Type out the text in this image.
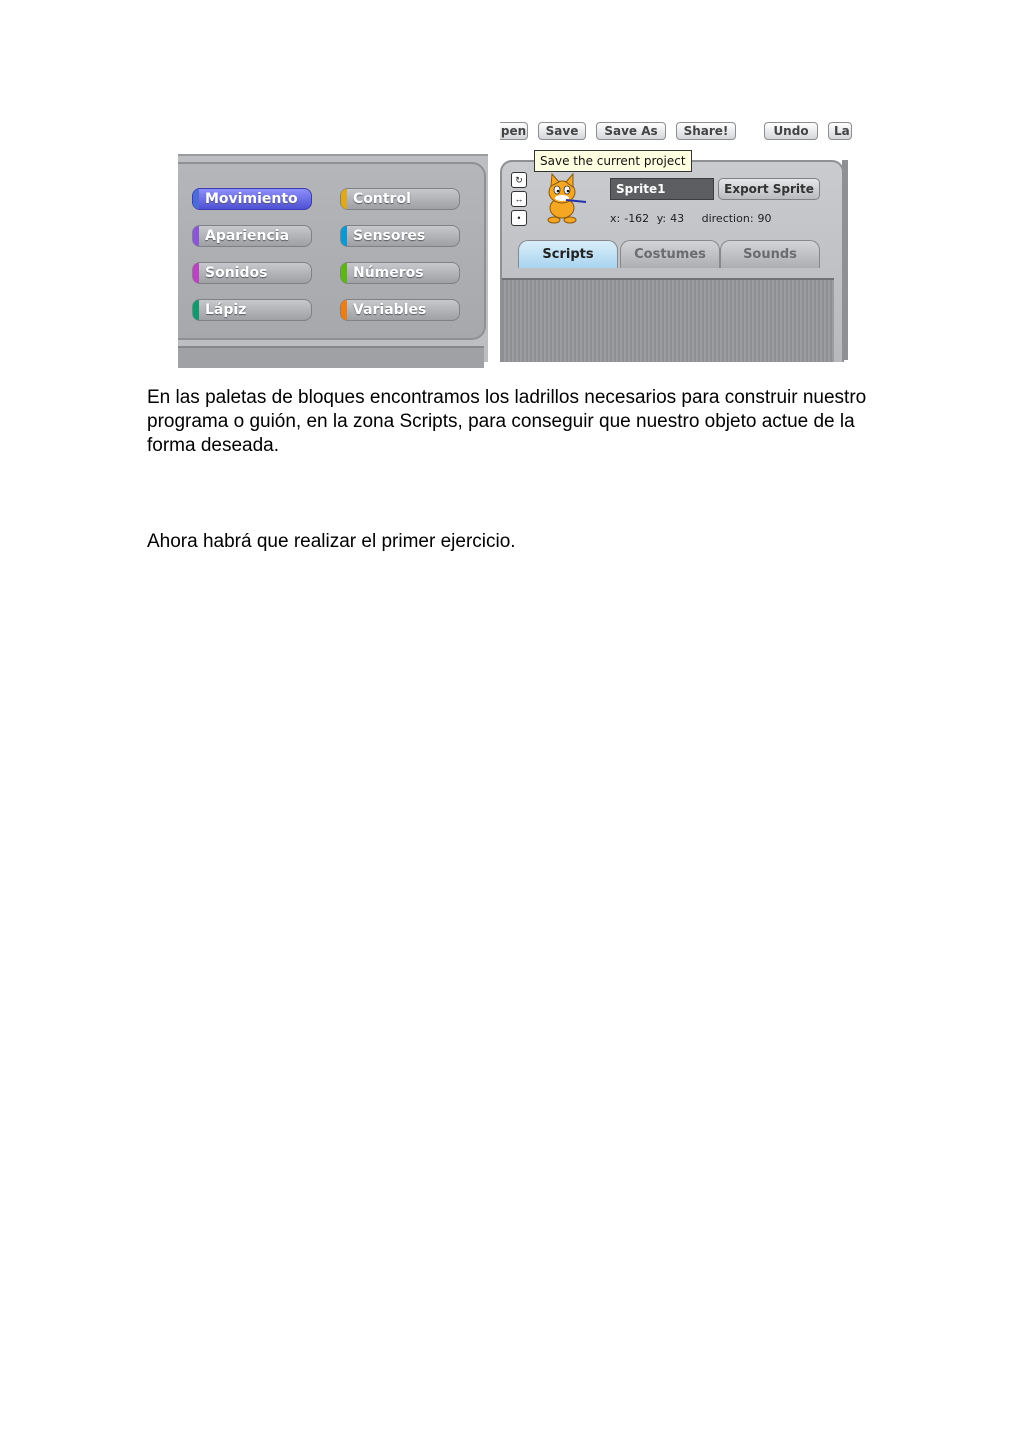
Movimiento	Control
Apariencia	Sensores
Sonidos	Números
Lápiz	Variables
pen	Save	Save As	Share!	Undo	La
↻
↔
•
Sprite1	Export Sprite
x: -162 y: 43 direction: 90
Scripts	Costumes	Sounds
Save the current project

En las paletas de bloques encontramos los ladrillos necesarios para construir nuestro programa o guión, en la zona Scripts, para conseguir que nuestro objeto actue de la forma deseada.

Ahora habrá que realizar el primer ejercicio.
